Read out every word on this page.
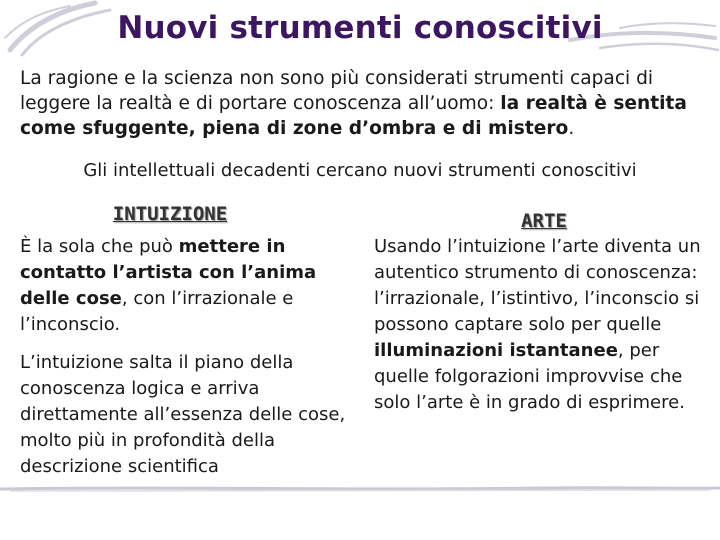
Nuovi strumenti conoscitivi
La ragione e la scienza non sono più considerati strumenti capaci di leggere la realtà e di portare conoscenza all’uomo: la realtà è sentita come sfuggente, piena di zone d’ombra e di mistero.
Gli intellettuali decadenti cercano nuovi strumenti conoscitivi
INTUIZIONE

È la sola che può mettere in contatto l’artista con l’anima delle cose, con l’irrazionale e l’inconscio.

L’intuizione salta il piano della conoscenza logica e arriva direttamente all’essenza delle cose, molto più in profondità della descrizione scientifica

ARTE

Usando l’intuizione l’arte diventa un autentico strumento di conoscenza: l’irrazionale, l’istintivo, l’inconscio si possono captare solo per quelle illuminazioni istantanee, per quelle folgorazioni improvvise che solo l’arte è in grado di esprimere.
